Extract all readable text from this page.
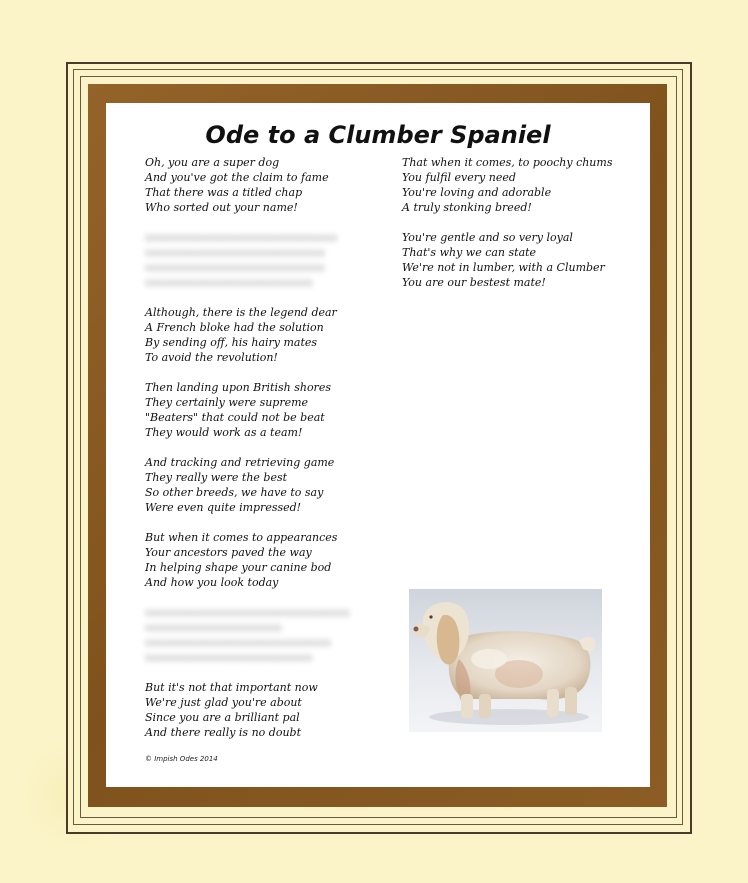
Ode to a Clumber Spaniel
Oh, you are a super dog
And you've got the claim to fame
That there was a titled chap
Who sorted out your name!
xxxxxxxxxxxxxxxxxxxxxxxxxxxxxxx
xxxxxxxxxxxxxxxxxxxxxxxxxxxxx
xxxxxxxxxxxxxxxxxxxxxxxxxxxxx
xxxxxxxxxxxxxxxxxxxxxxxxxxx
Although, there is the legend dear
A French bloke had the solution
By sending off, his hairy mates
To avoid the revolution!
Then landing upon British shores
They certainly were supreme
"Beaters" that could not be beat
They would work as a team!
And tracking and retrieving game
They really were the best
So other breeds, we have to say
Were even quite impressed!
But when it comes to appearances
Your ancestors paved the way
In helping shape your canine bod
And how you look today
xxxxxxxxxxxxxxxxxxxxxxxxxxxxxxxxx
xxxxxxxxxxxxxxxxxxxxxx
xxxxxxxxxxxxxxxxxxxxxxxxxxxxxx
xxxxxxxxxxxxxxxxxxxxxxxxxxx
But it's not that important now
We're just glad you're about
Since you are a brilliant pal
And there really is no doubt
That when it comes, to poochy chums
You fulfil every need
You're loving and adorable
A truly stonking breed!
You're gentle and so very loyal
That's why we can state
We're not in lumber, with a Clumber
You are our bestest mate!
© Impish Odes 2014
